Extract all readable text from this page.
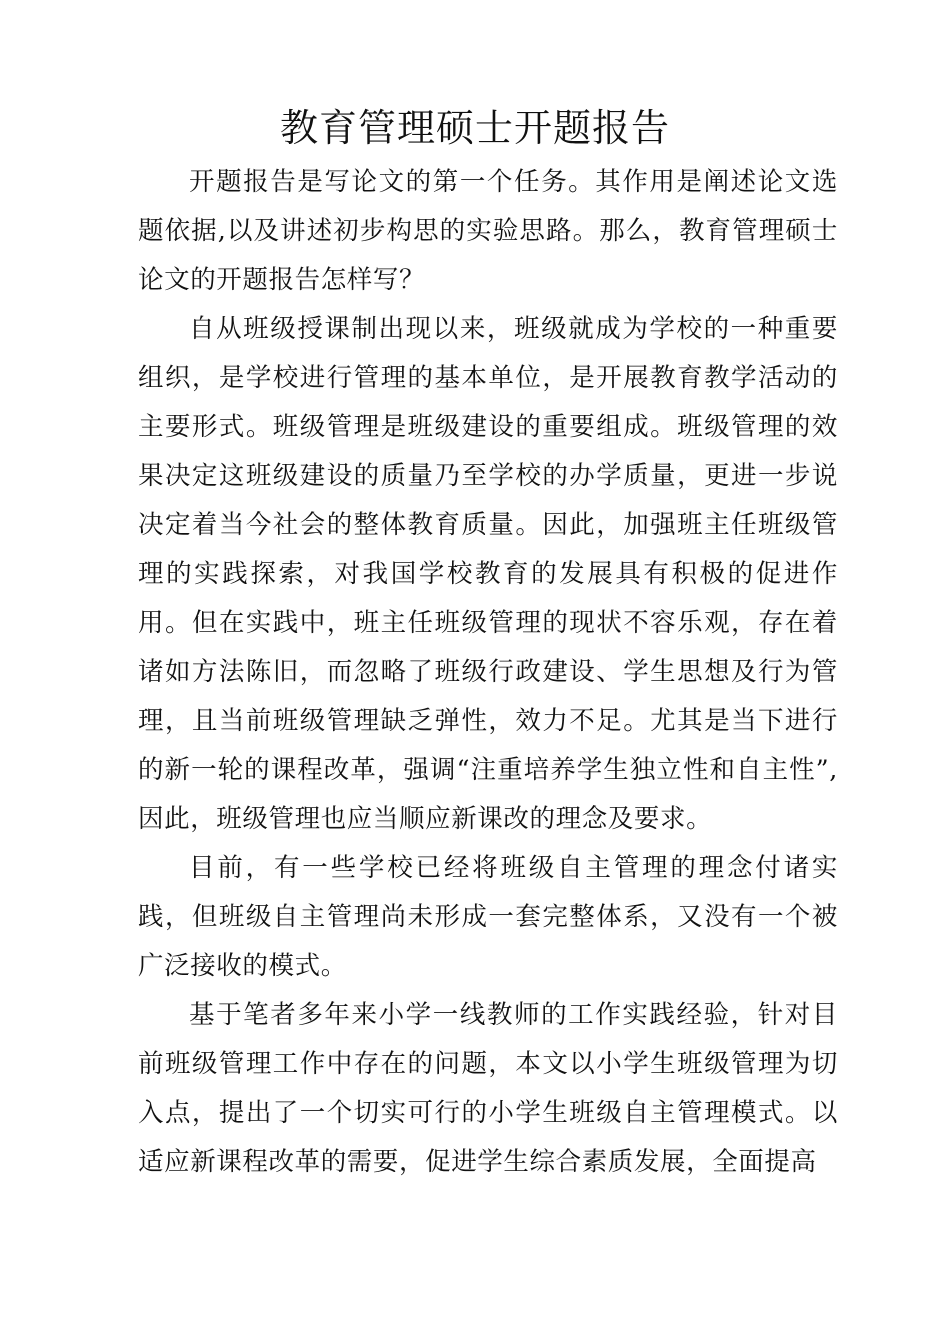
教育管理硕士开题报告

开题报告是写论文的第一个任务。其作用是阐述论文选题依据,以及讲述初步构思的实验思路。那么，教育管理硕士论文的开题报告怎样写？

自从班级授课制出现以来，班级就成为学校的一种重要组织，是学校进行管理的基本单位，是开展教育教学活动的主要形式。班级管理是班级建设的重要组成。班级管理的效果决定这班级建设的质量乃至学校的办学质量，更进一步说决定着当今社会的整体教育质量。因此，加强班主任班级管理的实践探索，对我国学校教育的发展具有积极的促进作用。但在实践中，班主任班级管理的现状不容乐观，存在着诸如方法陈旧，而忽略了班级行政建设、学生思想及行为管理，且当前班级管理缺乏弹性，效力不足。尤其是当下进行的新一轮的课程改革，强调“注重培养学生独立性和自主性”,因此，班级管理也应当顺应新课改的理念及要求。

目前，有一些学校已经将班级自主管理的理念付诸实践，但班级自主管理尚未形成一套完整体系，又没有一个被广泛接收的模式。

基于笔者多年来小学一线教师的工作实践经验，针对目前班级管理工作中存在的问题，本文以小学生班级管理为切入点，提出了一个切实可行的小学生班级自主管理模式。以适应新课程改革的需要，促进学生综合素质发展，全面提高
